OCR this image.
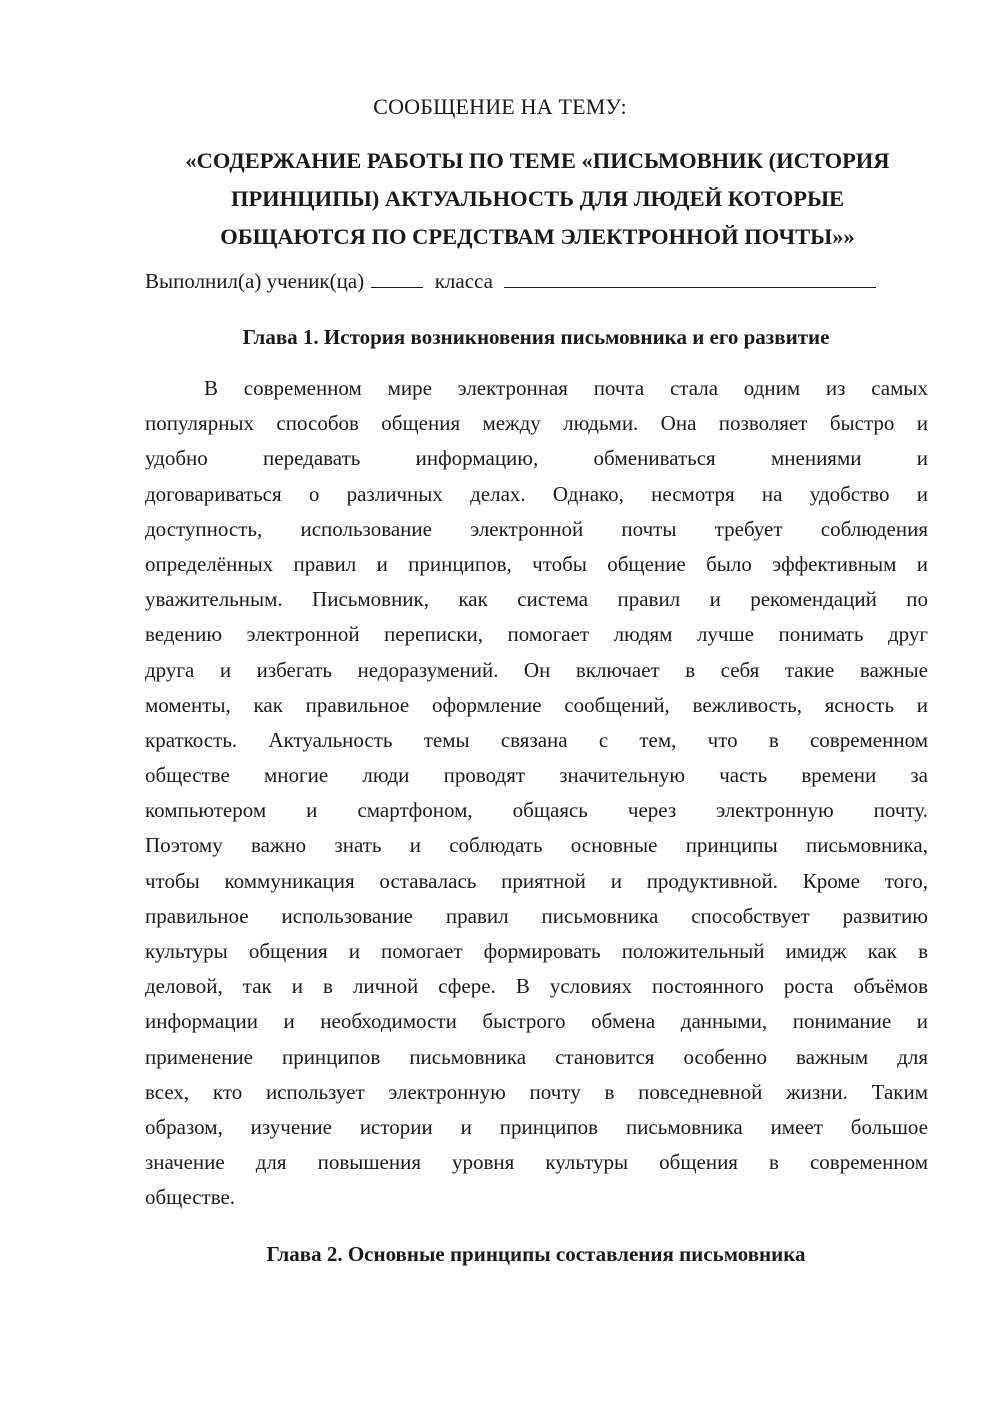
СООБЩЕНИЕ НА ТЕМУ:
«СОДЕРЖАНИЕ РАБОТЫ ПО ТЕМЕ «ПИСЬМОВНИК (ИСТОРИЯ
ПРИНЦИПЫ) АКТУАЛЬНОСТЬ ДЛЯ ЛЮДЕЙ КОТОРЫЕ
ОБЩАЮТСЯ ПО СРЕДСТВАМ ЭЛЕКТРОННОЙ ПОЧТЫ»»
Выполнил(а) ученик(ца)	класса
Глава 1. История возникновения письмовника и его развитие
В современном мире электронная почта стала одним из самых
популярных способов общения между людьми. Она позволяет быстро и
удобно передавать информацию, обмениваться мнениями и
договариваться о различных делах. Однако, несмотря на удобство и
доступность, использование электронной почты требует соблюдения
определённых правил и принципов, чтобы общение было эффективным и
уважительным. Письмовник, как система правил и рекомендаций по
ведению электронной переписки, помогает людям лучше понимать друг
друга и избегать недоразумений. Он включает в себя такие важные
моменты, как правильное оформление сообщений, вежливость, ясность и
краткость. Актуальность темы связана с тем, что в современном
обществе многие люди проводят значительную часть времени за
компьютером и смартфоном, общаясь через электронную почту.
Поэтому важно знать и соблюдать основные принципы письмовника,
чтобы коммуникация оставалась приятной и продуктивной. Кроме того,
правильное использование правил письмовника способствует развитию
культуры общения и помогает формировать положительный имидж как в
деловой, так и в личной сфере. В условиях постоянного роста объёмов
информации и необходимости быстрого обмена данными, понимание и
применение принципов письмовника становится особенно важным для
всех, кто использует электронную почту в повседневной жизни. Таким
образом, изучение истории и принципов письмовника имеет большое
значение для повышения уровня культуры общения в современном
обществе.
Глава 2. Основные принципы составления письмовника
